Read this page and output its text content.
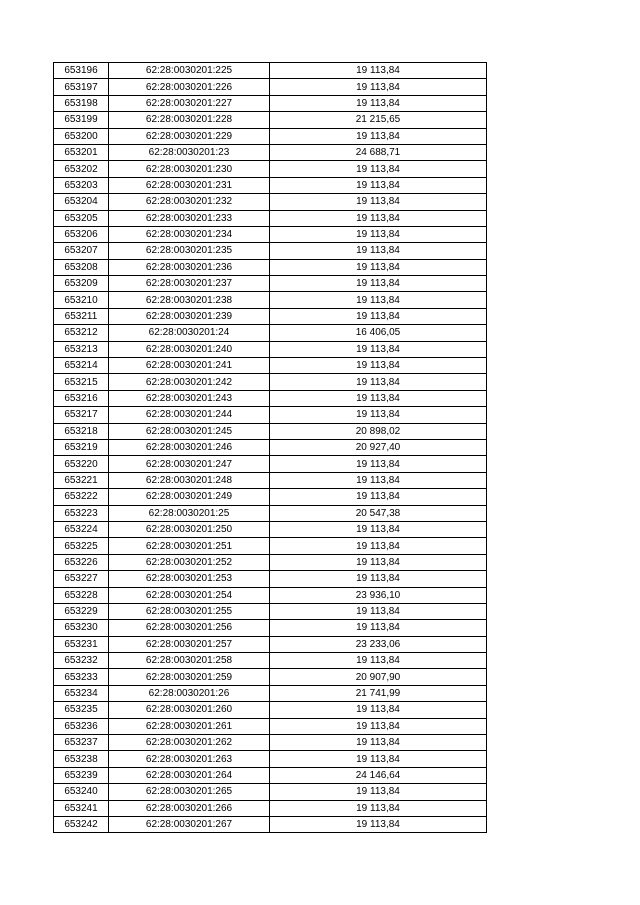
653196	62:28:0030201:225	19 113,84
653197	62:28:0030201:226	19 113,84
653198	62:28:0030201:227	19 113,84
653199	62:28:0030201:228	21 215,65
653200	62:28:0030201:229	19 113,84
653201	62:28:0030201:23	24 688,71
653202	62:28:0030201:230	19 113,84
653203	62:28:0030201:231	19 113,84
653204	62:28:0030201:232	19 113,84
653205	62:28:0030201:233	19 113,84
653206	62:28:0030201:234	19 113,84
653207	62:28:0030201:235	19 113,84
653208	62:28:0030201:236	19 113,84
653209	62:28:0030201:237	19 113,84
653210	62:28:0030201:238	19 113,84
653211	62:28:0030201:239	19 113,84
653212	62:28:0030201:24	16 406,05
653213	62:28:0030201:240	19 113,84
653214	62:28:0030201:241	19 113,84
653215	62:28:0030201:242	19 113,84
653216	62:28:0030201:243	19 113,84
653217	62:28:0030201:244	19 113,84
653218	62:28:0030201:245	20 898,02
653219	62:28:0030201:246	20 927,40
653220	62:28:0030201:247	19 113,84
653221	62:28:0030201:248	19 113,84
653222	62:28:0030201:249	19 113,84
653223	62:28:0030201:25	20 547,38
653224	62:28:0030201:250	19 113,84
653225	62:28:0030201:251	19 113,84
653226	62:28:0030201:252	19 113,84
653227	62:28:0030201:253	19 113,84
653228	62:28:0030201:254	23 936,10
653229	62:28:0030201:255	19 113,84
653230	62:28:0030201:256	19 113,84
653231	62:28:0030201:257	23 233,06
653232	62:28:0030201:258	19 113,84
653233	62:28:0030201:259	20 907,90
653234	62:28:0030201:26	21 741,99
653235	62:28:0030201:260	19 113,84
653236	62:28:0030201:261	19 113,84
653237	62:28:0030201:262	19 113,84
653238	62:28:0030201:263	19 113,84
653239	62:28:0030201:264	24 146,64
653240	62:28:0030201:265	19 113,84
653241	62:28:0030201:266	19 113,84
653242	62:28:0030201:267	19 113,84
